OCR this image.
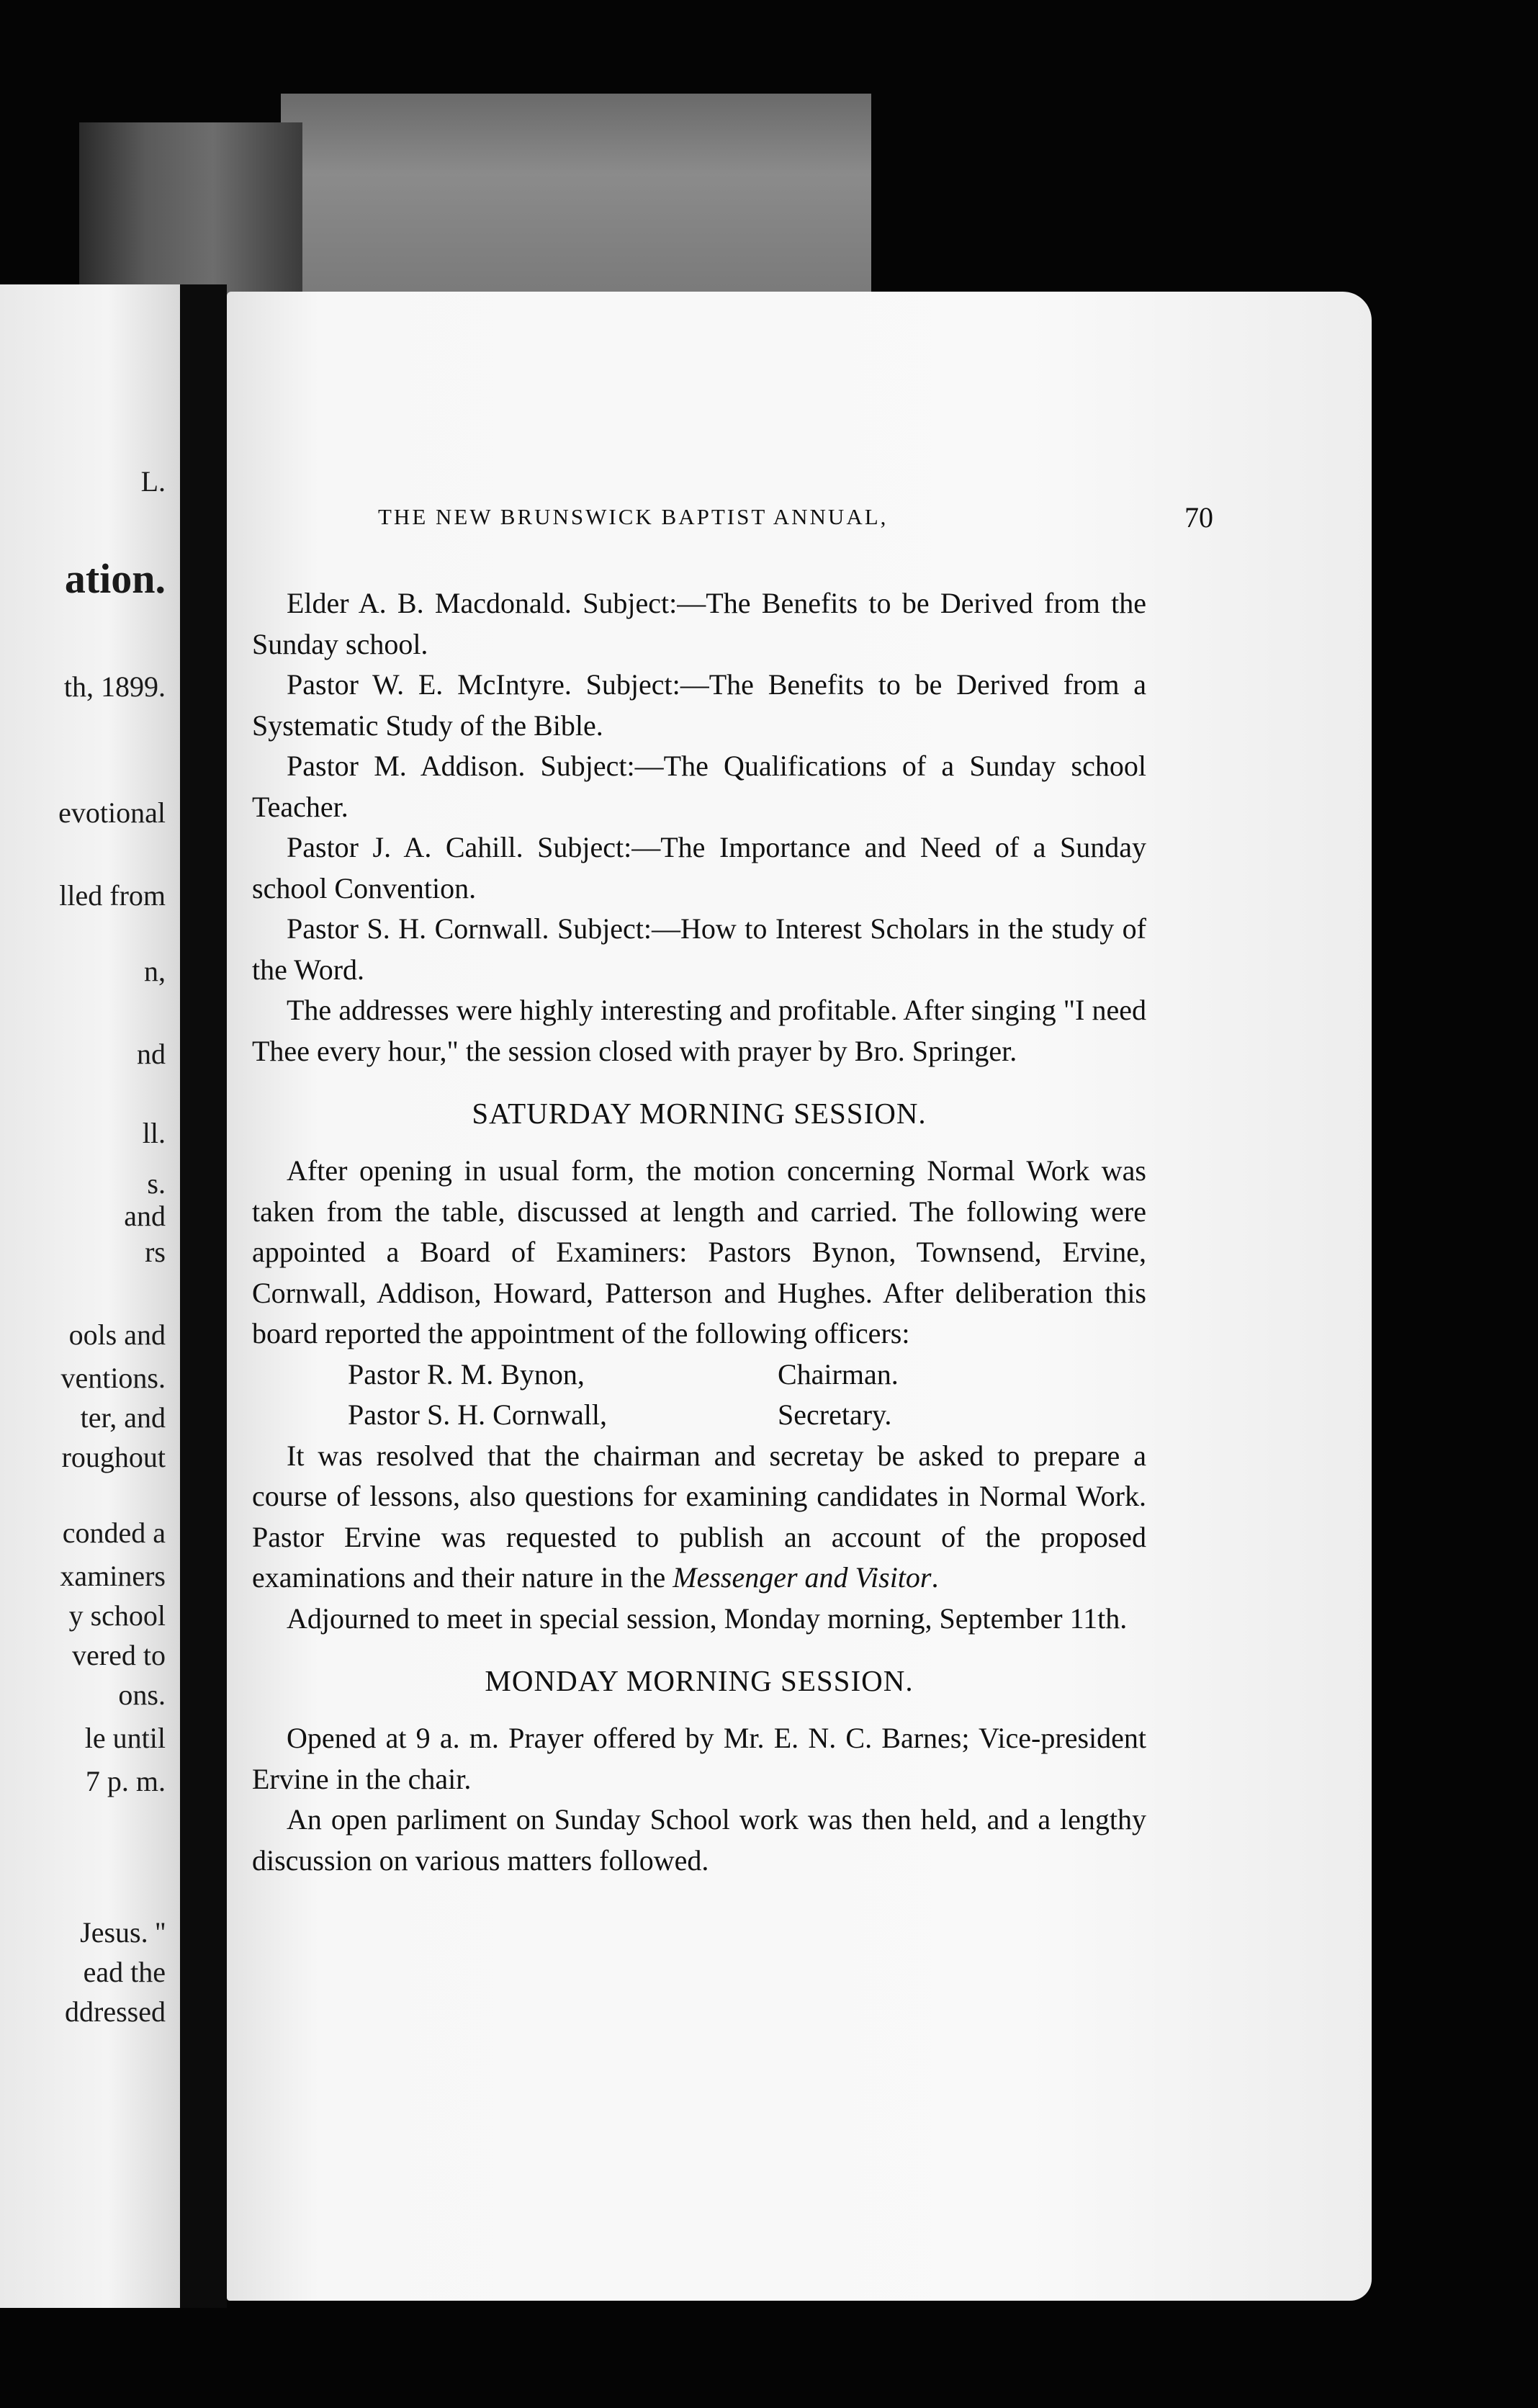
L.
ation.
th, 1899.
evotional
lled from
n,
nd
ll.
s.
and
rs
ools and
ventions.
ter, and
roughout
conded a
xaminers
y school
vered to
ons.
le until
7 p. m.
Jesus. ''
ead the
ddressed
THE NEW BRUNSWICK BAPTIST ANNUAL,	70

Elder A. B. Macdonald. Subject:—The Benefits to be Derived from the Sunday school.

Pastor W. E. McIntyre. Subject:—The Benefits to be Derived from a Systematic Study of the Bible.

Pastor M. Addison. Subject:—The Qualifications of a Sunday school Teacher.

Pastor J. A. Cahill. Subject:—The Importance and Need of a Sunday school Convention.

Pastor S. H. Cornwall. Subject:—How to Interest Scholars in the study of the Word.

The addresses were highly interesting and profitable. After singing "I need Thee every hour," the session closed with prayer by Bro. Springer.

SATURDAY MORNING SESSION.

After opening in usual form, the motion concerning Normal Work was taken from the table, discussed at length and carried. The following were appointed a Board of Examiners: Pastors Bynon, Townsend, Ervine, Cornwall, Addison, Howard, Patterson and Hughes. After deliberation this board reported the appointment of the following officers:

Pastor R. M. Bynon,	Chairman.
Pastor S. H. Cornwall,	Secretary.

It was resolved that the chairman and secretay be asked to prepare a course of lessons, also questions for examining candidates in Normal Work. Pastor Ervine was requested to publish an account of the proposed examinations and their nature in the Messenger and Visitor.

Adjourned to meet in special session, Monday morning, September 11th.

MONDAY MORNING SESSION.

Opened at 9 a. m. Prayer offered by Mr. E. N. C. Barnes; Vice-president Ervine in the chair.

An open parliment on Sunday School work was then held, and a lengthy discussion on various matters followed.
